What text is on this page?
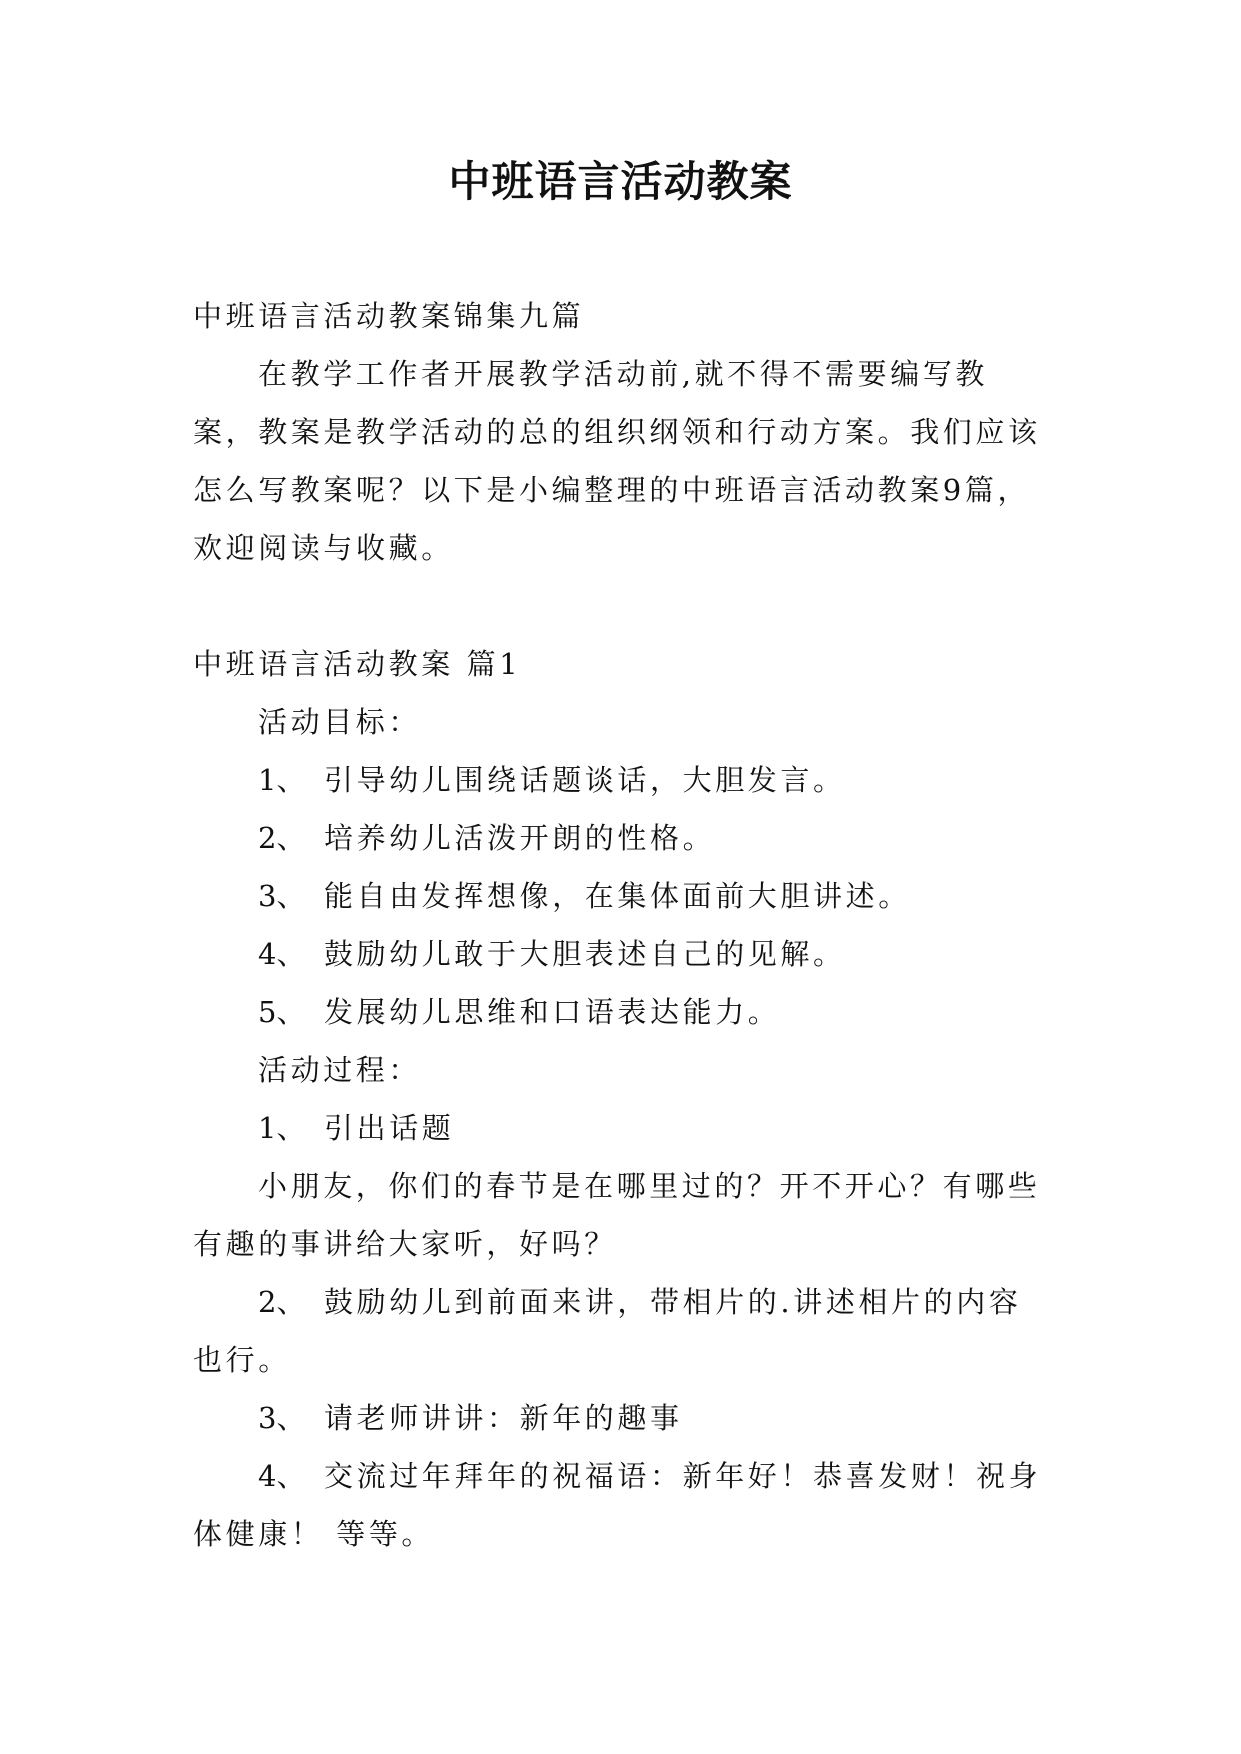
中班语言活动教案

中班语言活动教案锦集九篇

在教学工作者开展教学活动前,就不得不需要编写教案，教案是教学活动的总的组织纲领和行动方案。我们应该怎么写教案呢？以下是小编整理的中班语言活动教案9篇，欢迎阅读与收藏。

中班语言活动教案 篇1

活动目标：

1、 引导幼儿围绕话题谈话，大胆发言。

2、 培养幼儿活泼开朗的性格。

3、 能自由发挥想像，在集体面前大胆讲述。

4、 鼓励幼儿敢于大胆表述自己的见解。

5、 发展幼儿思维和口语表达能力。

活动过程：

1、 引出话题

小朋友，你们的春节是在哪里过的？开不开心？有哪些有趣的事讲给大家听，好吗？

2、 鼓励幼儿到前面来讲，带相片的.讲述相片的内容也行。

3、 请老师讲讲：新年的趣事

4、 交流过年拜年的祝福语：新年好！恭喜发财！祝身体健康！ 等等。
